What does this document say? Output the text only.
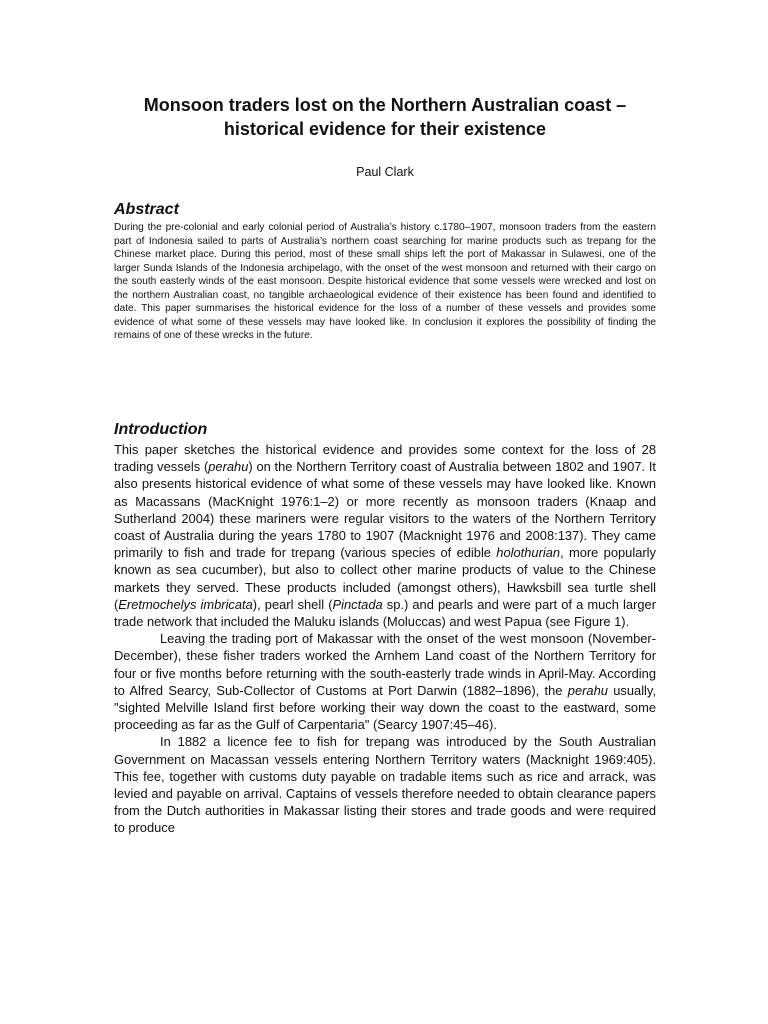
Monsoon traders lost on the Northern Australian coast –
historical evidence for their existence

Paul Clark

Abstract

During the pre-colonial and early colonial period of Australia’s history c.1780–1907, monsoon traders from the eastern part of Indonesia sailed to parts of Australia’s northern coast searching for marine products such as trepang for the Chinese market place. During this period, most of these small ships left the port of Makassar in Sulawesi, one of the larger Sunda Islands of the Indonesia archipelago, with the onset of the west monsoon and returned with their cargo on the south easterly winds of the east monsoon. Despite historical evidence that some vessels were wrecked and lost on the northern Australian coast, no tangible archaeological evidence of their existence has been found and identified to date. This paper summarises the historical evidence for the loss of a number of these vessels and provides some evidence of what some of these vessels may have looked like. In conclusion it explores the possibility of finding the remains of one of these wrecks in the future.

Introduction

This paper sketches the historical evidence and provides some context for the loss of 28 trading vessels (perahu) on the Northern Territory coast of Australia between 1802 and 1907. It also presents historical evidence of what some of these vessels may have looked like. Known as Macassans (MacKnight 1976:1–2) or more recently as monsoon traders (Knaap and Sutherland 2004) these mariners were regular visitors to the waters of the Northern Territory coast of Australia during the years 1780 to 1907 (Macknight 1976 and 2008:137). They came primarily to fish and trade for trepang (various species of edible holothurian, more popularly known as sea cucumber), but also to collect other marine products of value to the Chinese markets they served. These products included (amongst others), Hawksbill sea turtle shell (Eretmochelys imbricata), pearl shell (Pinctada sp.) and pearls and were part of a much larger trade network that included the Maluku islands (Moluccas) and west Papua (see Figure 1).

Leaving the trading port of Makassar with the onset of the west monsoon (November-December), these fisher traders worked the Arnhem Land coast of the Northern Territory for four or five months before returning with the south-easterly trade winds in April-May. According to Alfred Searcy, Sub-Collector of Customs at Port Darwin (1882–1896), the perahu usually, "sighted Melville Island first before working their way down the coast to the eastward, some proceeding as far as the Gulf of Carpentaria" (Searcy 1907:45–46).

In 1882 a licence fee to fish for trepang was introduced by the South Australian Government on Macassan vessels entering Northern Territory waters (Macknight 1969:405). This fee, together with customs duty payable on tradable items such as rice and arrack, was levied and payable on arrival. Captains of vessels therefore needed to obtain clearance papers from the Dutch authorities in Makassar listing their stores and trade goods and were required to produce
